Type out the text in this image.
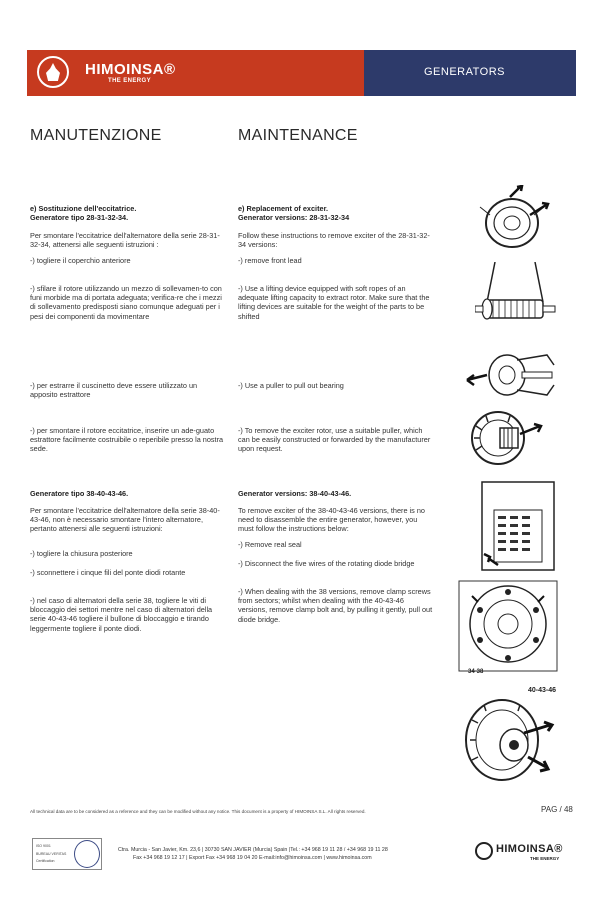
HIMOINSA®
THE ENERGY
GENERATORS
MANUTENZIONE	MAINTENANCE
e) Sostituzione dell'eccitatrice.
Generatore tipo 28-31-32-34.
Per smontare l'eccitatrice dell'alternatore della serie 28-31-32-34, attenersi alle seguenti istruzioni :
-) togliere il coperchio anteriore
-) sfilare il rotore utilizzando un mezzo di sollevamen-to con funi morbide ma di portata adeguata; verifica-re che i mezzi di sollevamento predisposti siano comunque adeguati per i pesi dei componenti da movimentare
-) per estrarre il cuscinetto deve essere utilizzato un apposito estrattore
-) per smontare il rotore eccitatrice, inserire un ade-guato estrattore facilmente costruibile o reperibile presso la nostra sede.
Generatore tipo 38-40-43-46.
Per smontare l'eccitatrice dell'alternatore della serie 38-40-43-46, non è necessario smontare l'intero alternatore, pertanto attenersi alle seguenti istruzioni:
-) togliere la chiusura posteriore
-) sconnettere i cinque fili del ponte diodi rotante
-) nel caso di alternatori della serie 38, togliere le viti di bloccaggio dei settori mentre nel caso di alternatori della serie 40-43-46 togliere il bullone di bloccaggio e tirando leggermente togliere il ponte diodi.
e) Replacement of exciter.
Generator versions: 28-31-32-34
Follow these instructions to remove exciter of the 28-31-32-34 versions:
-) remove front lead
-) Use a lifting device equipped with soft ropes of an adequate lifting capacity to extract rotor. Make sure that the lifting devices are suitable for the weight of the parts to be shifted
-) Use a puller to pull out bearing
-) To remove the exciter rotor, use a suitable puller, which can be easily constructed or forwarded by the manufacturer upon request.
Generator versions: 38-40-43-46.
To remove exciter of the 38-40-43-46 versions, there is no need to disassemble the entire generator, however, you must follow the instructions below:
-) Remove real seal
-) Disconnect the five wires of the rotating diode bridge
-) When dealing with the 38 versions, remove clamp screws from sectors; whilst when dealing with the 40-43-46 versions, remove clamp bolt and, by pulling it gently, pull out diode bridge.
34-38
40-43-46
All technical data are to be considered as a reference and they can be modified without any notice. This document is a property of HIMOINSA S.L. All rights reserved.	PAG / 48
ISO 9001
BUREAU VERITAS
Certification
Ctra. Murcia - San Javier, Km. 23,6 | 30730 SAN JAVIER (Murcia) Spain |Tel.: +34 968 19 11 28 / +34 968 19 11 28
Fax +34 968 19 12 17 | Export Fax +34 968 19 04 20 E-mail:info@himoinsa.com | www.himoinsa.com
HIMOINSA®
THE ENERGY
